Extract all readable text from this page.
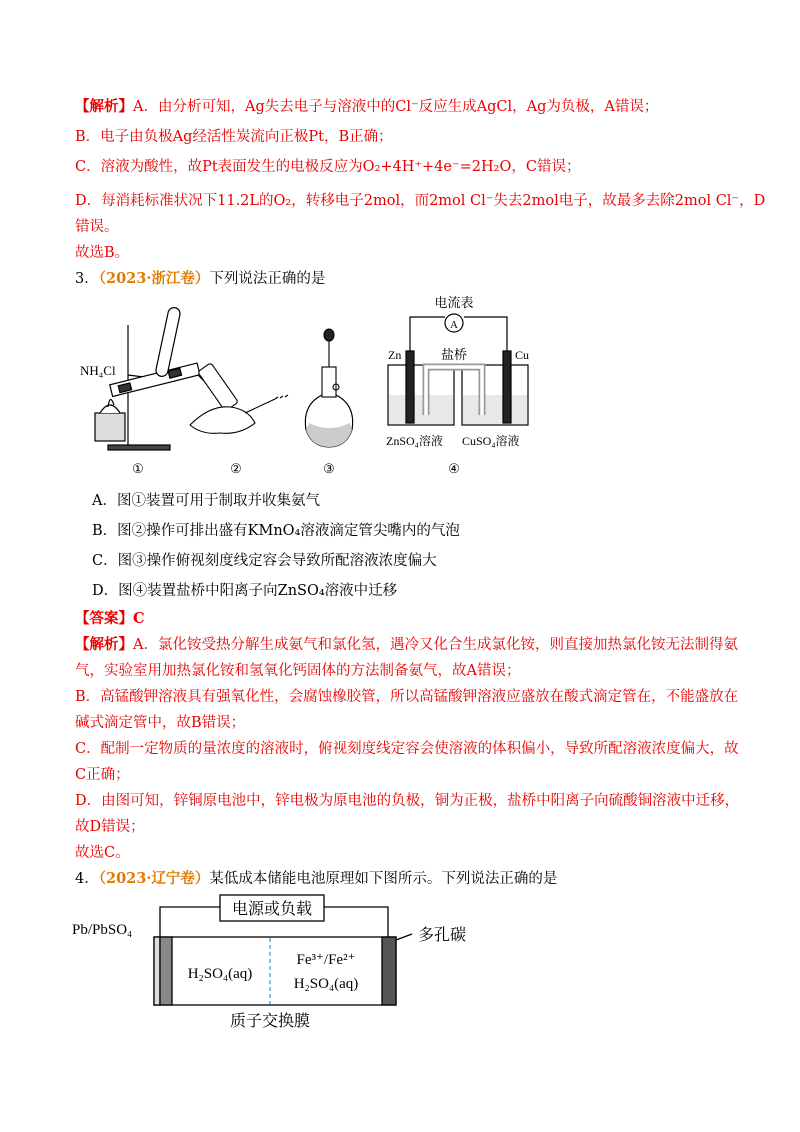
【解析】A．由分析可知，Ag失去电子与溶液中的Cl⁻反应生成AgCl，Ag为负极，A错误；
B．电子由负极Ag经活性炭流向正极Pt，B正确；
C．溶液为酸性，故Pt表面发生的电极反应为O₂+4H⁺+4e⁻=2H₂O，C错误；
D．每消耗标准状况下11.2L的O₂，转移电子2mol，而2mol Cl⁻失去2mol电子，故最多去除2mol Cl⁻，D
错误。
故选B。
3．（2023·浙江卷）下列说法正确的是
NH₄Cl
①	②	③
A
电流表
盐桥
Zn	Cu
ZnSO₄溶液 CuSO₄溶液
④
A．图①装置可用于制取并收集氨气
B．图②操作可排出盛有KMnO₄溶液滴定管尖嘴内的气泡
C．图③操作俯视刻度线定容会导致所配溶液浓度偏大
D．图④装置盐桥中阳离子向ZnSO₄溶液中迁移
【答案】C
【解析】A．氯化铵受热分解生成氨气和氯化氢，遇冷又化合生成氯化铵，则直接加热氯化铵无法制得氨
气，实验室用加热氯化铵和氢氧化钙固体的方法制备氨气，故A错误；
B．高锰酸钾溶液具有强氧化性，会腐蚀橡胶管，所以高锰酸钾溶液应盛放在酸式滴定管在，不能盛放在
碱式滴定管中，故B错误；
C．配制一定物质的量浓度的溶液时，俯视刻度线定容会使溶液的体积偏小，导致所配溶液浓度偏大，故
C正确；
D．由图可知，锌铜原电池中，锌电极为原电池的负极，铜为正极，盐桥中阳离子向硫酸铜溶液中迁移，
故D错误；
故选C。
4．（2023·辽宁卷）某低成本储能电池原理如下图所示。下列说法正确的是
电源或负载
Pb/PbSO₄	多孔碳
H₂SO₄(aq)
Fe³⁺/Fe²⁺
H₂SO₄(aq)
质子交换膜
